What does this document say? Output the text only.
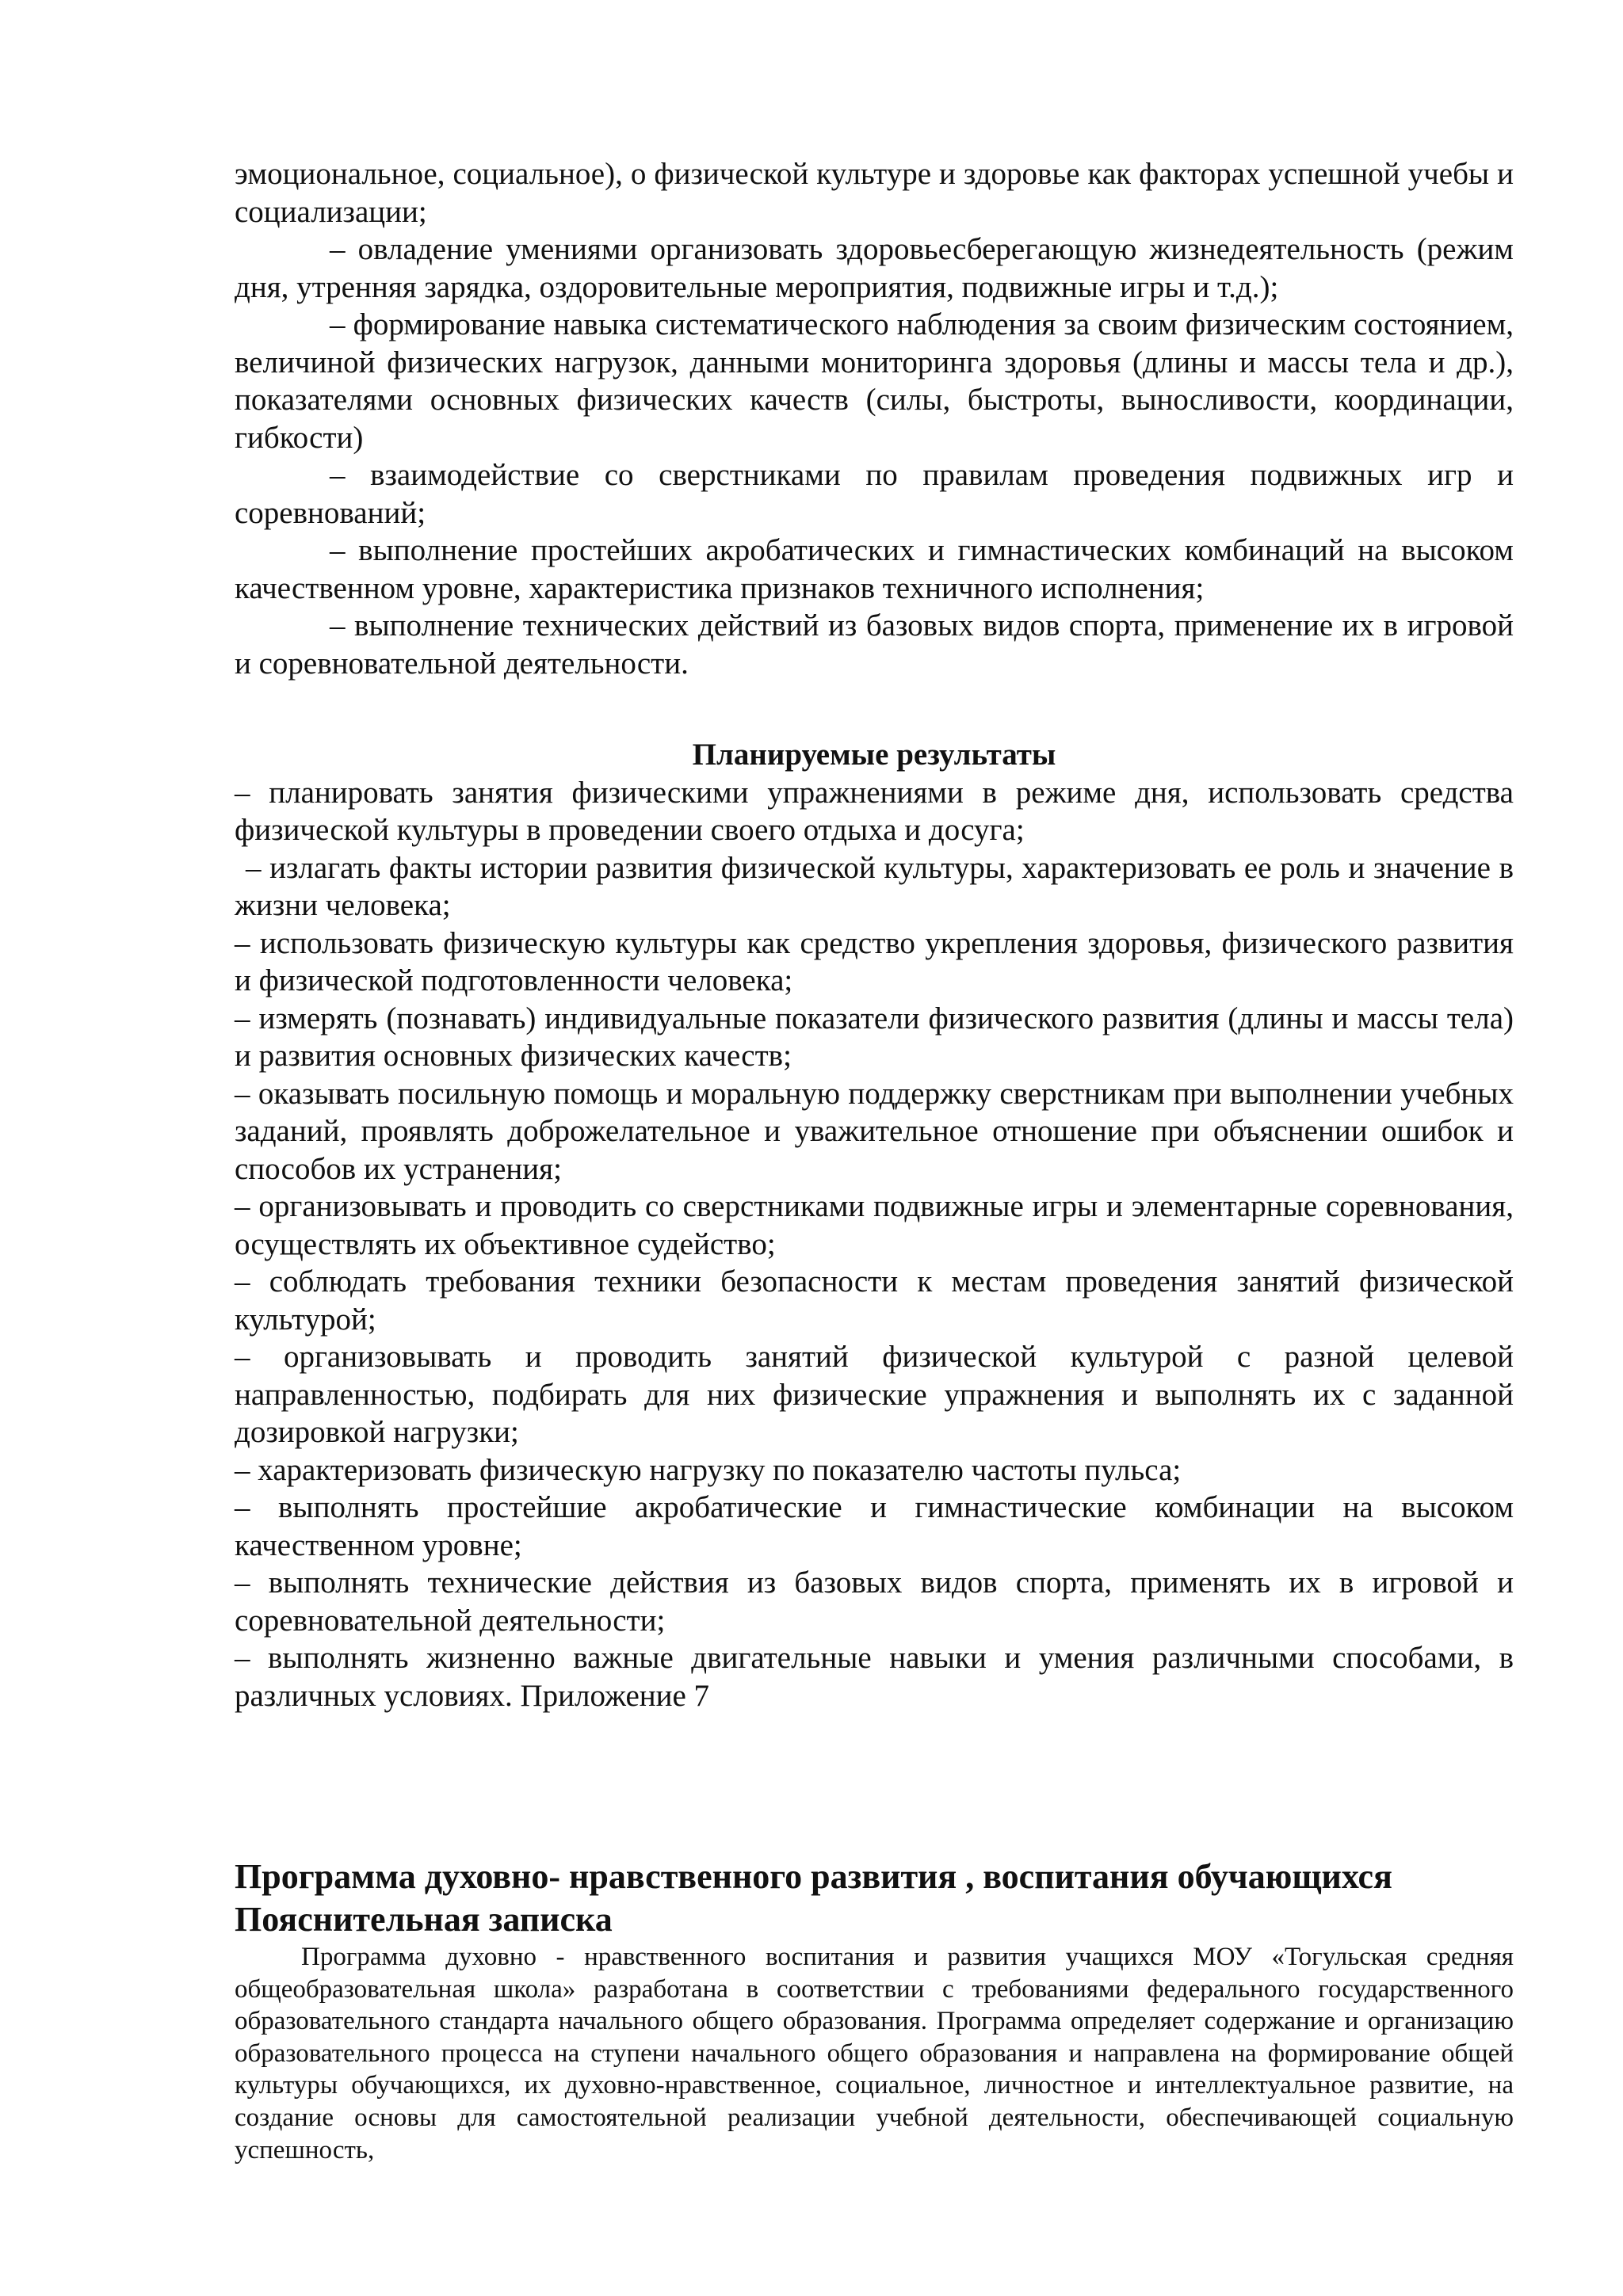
эмоциональное, социальное), о физической культуре и здоровье как факторах успешной учебы и социализации;

– овладение умениями организовать здоровьесберегающую жизнедеятельность (режим дня, утренняя зарядка, оздоровительные мероприятия, подвижные игры и т.д.);

– формирование навыка систематического наблюдения за своим физическим состоянием, величиной физических нагрузок, данными мониторинга здоровья (длины и массы тела и др.), показателями основных физических качеств (силы, быстроты, выносливости, координации, гибкости)

– взаимодействие со сверстниками по правилам проведения подвижных игр и соревнований;

– выполнение простейших акробатических и гимнастических комбинаций на высоком качественном уровне, характеристика признаков техничного исполнения;

– выполнение технических действий из базовых видов спорта, применение их в игровой и соревновательной деятельности.

Планируемые результаты

– планировать занятия физическими упражнениями в режиме дня, использовать средства физической культуры в проведении своего отдыха и досуга;

– излагать факты истории развития физической культуры, характеризовать ее роль и значение в жизни человека;

– использовать физическую культуры как средство укрепления здоровья, физического развития и физической подготовленности человека;

– измерять (познавать) индивидуальные показатели физического развития (длины и массы тела) и развития основных физических качеств;

– оказывать посильную помощь и моральную поддержку сверстникам при выполнении учебных заданий, проявлять доброжелательное и уважительное отношение при объяснении ошибок и способов их устранения;

– организовывать и проводить со сверстниками подвижные игры и элементарные соревнования, осуществлять их объективное судейство;

– соблюдать требования техники безопасности к местам проведения занятий физической культурой;

– организовывать и проводить занятий физической культурой с разной целевой направленностью, подбирать для них физические упражнения и выполнять их с заданной дозировкой нагрузки;

– характеризовать физическую нагрузку по показателю частоты пульса;

– выполнять простейшие акробатические и гимнастические комбинации на высоком качественном уровне;

– выполнять технические действия из базовых видов спорта, применять их в игровой и соревновательной деятельности;

– выполнять жизненно важные двигательные навыки и умения различными способами, в различных условиях. Приложение 7

Программа духовно- нравственного развития , воспитания обучающихся
Пояснительная записка

Программа духовно - нравственного воспитания и развития учащихся МОУ «Тогульская средняя общеобразовательная школа» разработана в соответствии с требованиями федерального государственного образовательного стандарта начального общего образования. Программа определяет содержание и организацию образовательного процесса на ступени начального общего образования и направлена на формирование общей культуры обучающихся, их духовно-нравственное, социальное, личностное и интеллектуальное развитие, на создание основы для самостоятельной реализации учебной деятельности, обеспечивающей социальную успешность,
